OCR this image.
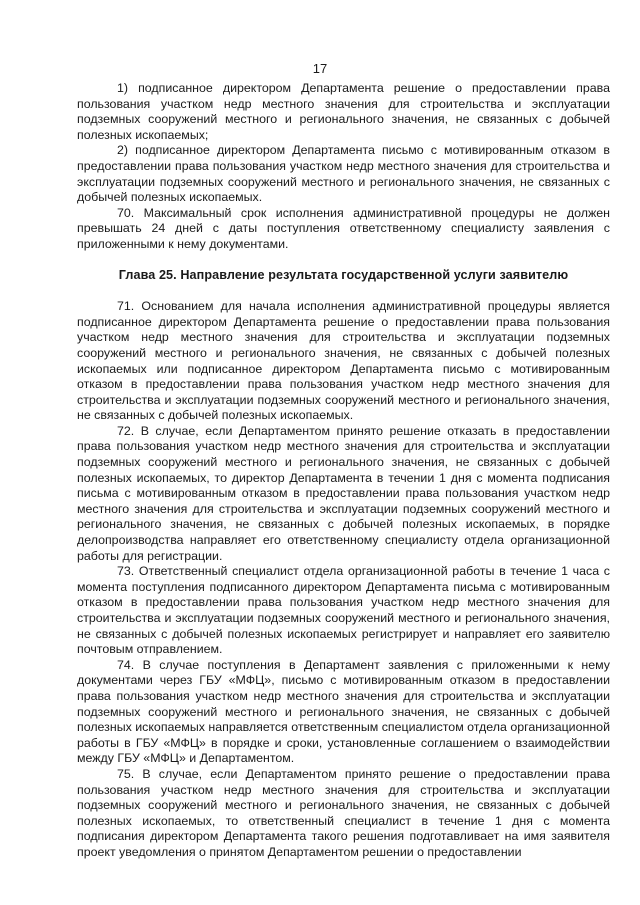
17

1) подписанное директором Департамента решение о предоставлении права пользования участком недр местного значения для строительства и эксплуатации подземных сооружений местного и регионального значения, не связанных с добычей полезных ископаемых;

2) подписанное директором Департамента письмо с мотивированным отказом в предоставлении права пользования участком недр местного значения для строительства и эксплуатации подземных сооружений местного и регионального значения, не связанных с добычей полезных ископаемых.

70. Максимальный срок исполнения административной процедуры не должен превышать 24 дней с даты поступления ответственному специалисту заявления с приложенными к нему документами.

Глава 25. Направление результата государственной услуги заявителю

71. Основанием для начала исполнения административной процедуры является подписанное директором Департамента решение о предоставлении права пользования участком недр местного значения для строительства и эксплуатации подземных сооружений местного и регионального значения, не связанных с добычей полезных ископаемых или подписанное директором Департамента письмо с мотивированным отказом в предоставлении права пользования участком недр местного значения для строительства и эксплуатации подземных сооружений местного и регионального значения, не связанных с добычей полезных ископаемых.

72. В случае, если Департаментом принято решение отказать в предоставлении права пользования участком недр местного значения для строительства и эксплуатации подземных сооружений местного и регионального значения, не связанных с добычей полезных ископаемых, то директор Департамента в течении 1 дня с момента подписания письма с мотивированным отказом в предоставлении права пользования участком недр местного значения для строительства и эксплуатации подземных сооружений местного и регионального значения, не связанных с добычей полезных ископаемых, в порядке делопроизводства направляет его ответственному специалисту отдела организационной работы для регистрации.

73. Ответственный специалист отдела организационной работы в течение 1 часа с момента поступления подписанного директором Департамента письма с мотивированным отказом в предоставлении права пользования участком недр местного значения для строительства и эксплуатации подземных сооружений местного и регионального значения, не связанных с добычей полезных ископаемых регистрирует и направляет его заявителю почтовым отправлением.

74. В случае поступления в Департамент заявления с приложенными к нему документами через ГБУ «МФЦ», письмо с мотивированным отказом в предоставлении права пользования участком недр местного значения для строительства и эксплуатации подземных сооружений местного и регионального значения, не связанных с добычей полезных ископаемых направляется ответственным специалистом отдела организационной работы в ГБУ «МФЦ» в порядке и сроки, установленные соглашением о взаимодействии между ГБУ «МФЦ» и Департаментом.

75. В случае, если Департаментом принято решение о предоставлении права пользования участком недр местного значения для строительства и эксплуатации подземных сооружений местного и регионального значения, не связанных с добычей полезных ископаемых, то ответственный специалист в течение 1 дня с момента подписания директором Департамента такого решения подготавливает на имя заявителя проект уведомления о принятом Департаментом решении о предоставлении
